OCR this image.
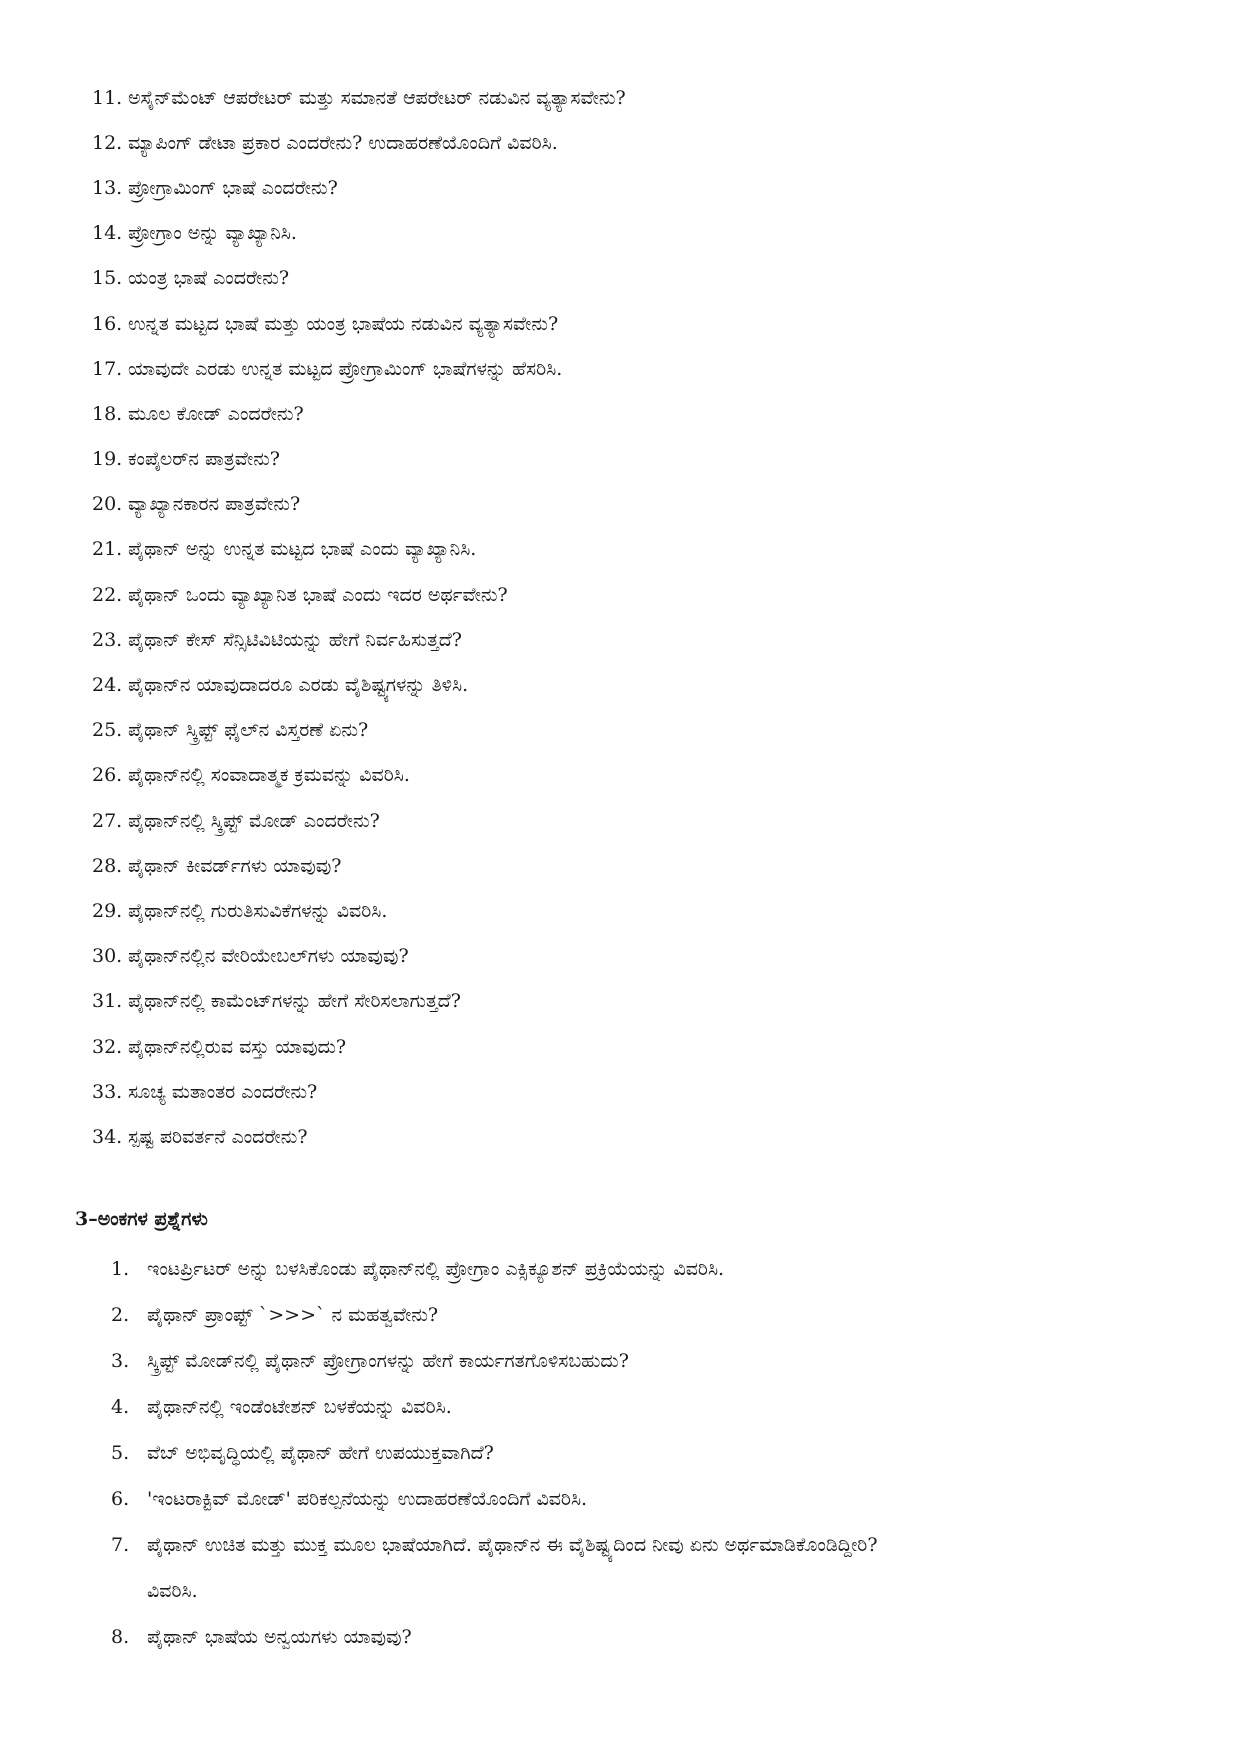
11. ಅಸೈನ್‌ಮೆಂಟ್ ಆಪರೇಟರ್ ಮತ್ತು ಸಮಾನತೆ ಆಪರೇಟರ್ ನಡುವಿನ ವ್ಯತ್ಯಾಸವೇನು?
12. ಮ್ಯಾಪಿಂಗ್ ಡೇಟಾ ಪ್ರಕಾರ ಎಂದರೇನು? ಉದಾಹರಣೆಯೊಂದಿಗೆ ವಿವರಿಸಿ.
13. ಪ್ರೋಗ್ರಾಮಿಂಗ್ ಭಾಷೆ ಎಂದರೇನು?
14. ಪ್ರೋಗ್ರಾಂ ಅನ್ನು ವ್ಯಾಖ್ಯಾನಿಸಿ.
15. ಯಂತ್ರ ಭಾಷೆ ಎಂದರೇನು?
16. ಉನ್ನತ ಮಟ್ಟದ ಭಾಷೆ ಮತ್ತು ಯಂತ್ರ ಭಾಷೆಯ ನಡುವಿನ ವ್ಯತ್ಯಾಸವೇನು?
17. ಯಾವುದೇ ಎರಡು ಉನ್ನತ ಮಟ್ಟದ ಪ್ರೋಗ್ರಾಮಿಂಗ್ ಭಾಷೆಗಳನ್ನು ಹೆಸರಿಸಿ.
18. ಮೂಲ ಕೋಡ್ ಎಂದರೇನು?
19. ಕಂಪೈಲರ್‌ನ ಪಾತ್ರವೇನು?
20. ವ್ಯಾಖ್ಯಾನಕಾರನ ಪಾತ್ರವೇನು?
21. ಪೈಥಾನ್ ಅನ್ನು ಉನ್ನತ ಮಟ್ಟದ ಭಾಷೆ ಎಂದು ವ್ಯಾಖ್ಯಾನಿಸಿ.
22. ಪೈಥಾನ್ ಒಂದು ವ್ಯಾಖ್ಯಾನಿತ ಭಾಷೆ ಎಂದು ಇದರ ಅರ್ಥವೇನು?
23. ಪೈಥಾನ್ ಕೇಸ್ ಸೆನ್ಸಿಟಿವಿಟಿಯನ್ನು ಹೇಗೆ ನಿರ್ವಹಿಸುತ್ತದೆ?
24. ಪೈಥಾನ್‌ನ ಯಾವುದಾದರೂ ಎರಡು ವೈಶಿಷ್ಟ್ಯಗಳನ್ನು ತಿಳಿಸಿ.
25. ಪೈಥಾನ್ ಸ್ಕ್ರಿಪ್ಟ್ ಫೈಲ್‌ನ ವಿಸ್ತರಣೆ ಏನು?
26. ಪೈಥಾನ್‌ನಲ್ಲಿ ಸಂವಾದಾತ್ಮಕ ಕ್ರಮವನ್ನು ವಿವರಿಸಿ.
27. ಪೈಥಾನ್‌ನಲ್ಲಿ ಸ್ಕ್ರಿಪ್ಟ್ ಮೋಡ್ ಎಂದರೇನು?
28. ಪೈಥಾನ್ ಕೀವರ್ಡ್‌ಗಳು ಯಾವುವು?
29. ಪೈಥಾನ್‌ನಲ್ಲಿ ಗುರುತಿಸುವಿಕೆಗಳನ್ನು ವಿವರಿಸಿ.
30. ಪೈಥಾನ್‌ನಲ್ಲಿನ ವೇರಿಯೇಬಲ್‌ಗಳು ಯಾವುವು?
31. ಪೈಥಾನ್‌ನಲ್ಲಿ ಕಾಮೆಂಟ್‌ಗಳನ್ನು ಹೇಗೆ ಸೇರಿಸಲಾಗುತ್ತದೆ?
32. ಪೈಥಾನ್‌ನಲ್ಲಿರುವ ವಸ್ತು ಯಾವುದು?
33. ಸೂಚ್ಯ ಮತಾಂತರ ಎಂದರೇನು?
34. ಸ್ಪಷ್ಟ ಪರಿವರ್ತನೆ ಎಂದರೇನು?
3–ಅಂಕಗಳ ಪ್ರಶ್ನೆಗಳು
1. ಇಂಟರ್ಪ್ರಿಟರ್ ಅನ್ನು ಬಳಸಿಕೊಂಡು ಪೈಥಾನ್‌ನಲ್ಲಿ ಪ್ರೋಗ್ರಾಂ ಎಕ್ಸಿಕ್ಯೂಶನ್ ಪ್ರಕ್ರಿಯೆಯನ್ನು ವಿವರಿಸಿ.
2. ಪೈಥಾನ್ ಪ್ರಾಂಪ್ಟ್ `>>>` ನ ಮಹತ್ವವೇನು?
3. ಸ್ಕ್ರಿಪ್ಟ್ ಮೋಡ್‌ನಲ್ಲಿ ಪೈಥಾನ್ ಪ್ರೋಗ್ರಾಂಗಳನ್ನು ಹೇಗೆ ಕಾರ್ಯಗತಗೊಳಿಸಬಹುದು?
4. ಪೈಥಾನ್‌ನಲ್ಲಿ ಇಂಡೆಂಟೇಶನ್ ಬಳಕೆಯನ್ನು ವಿವರಿಸಿ.
5. ವೆಬ್ ಅಭಿವೃದ್ಧಿಯಲ್ಲಿ ಪೈಥಾನ್ ಹೇಗೆ ಉಪಯುಕ್ತವಾಗಿದೆ?
6. 'ಇಂಟರಾಕ್ಟಿವ್ ಮೋಡ್' ಪರಿಕಲ್ಪನೆಯನ್ನು ಉದಾಹರಣೆಯೊಂದಿಗೆ ವಿವರಿಸಿ.
7. ಪೈಥಾನ್ ಉಚಿತ ಮತ್ತು ಮುಕ್ತ ಮೂಲ ಭಾಷೆಯಾಗಿದೆ. ಪೈಥಾನ್‌ನ ಈ ವೈಶಿಷ್ಟ್ಯದಿಂದ ನೀವು ಏನು ಅರ್ಥಮಾಡಿಕೊಂಡಿದ್ದೀರಿ?
ವಿವರಿಸಿ.
8. ಪೈಥಾನ್ ಭಾಷೆಯ ಅನ್ವಯಗಳು ಯಾವುವು?
